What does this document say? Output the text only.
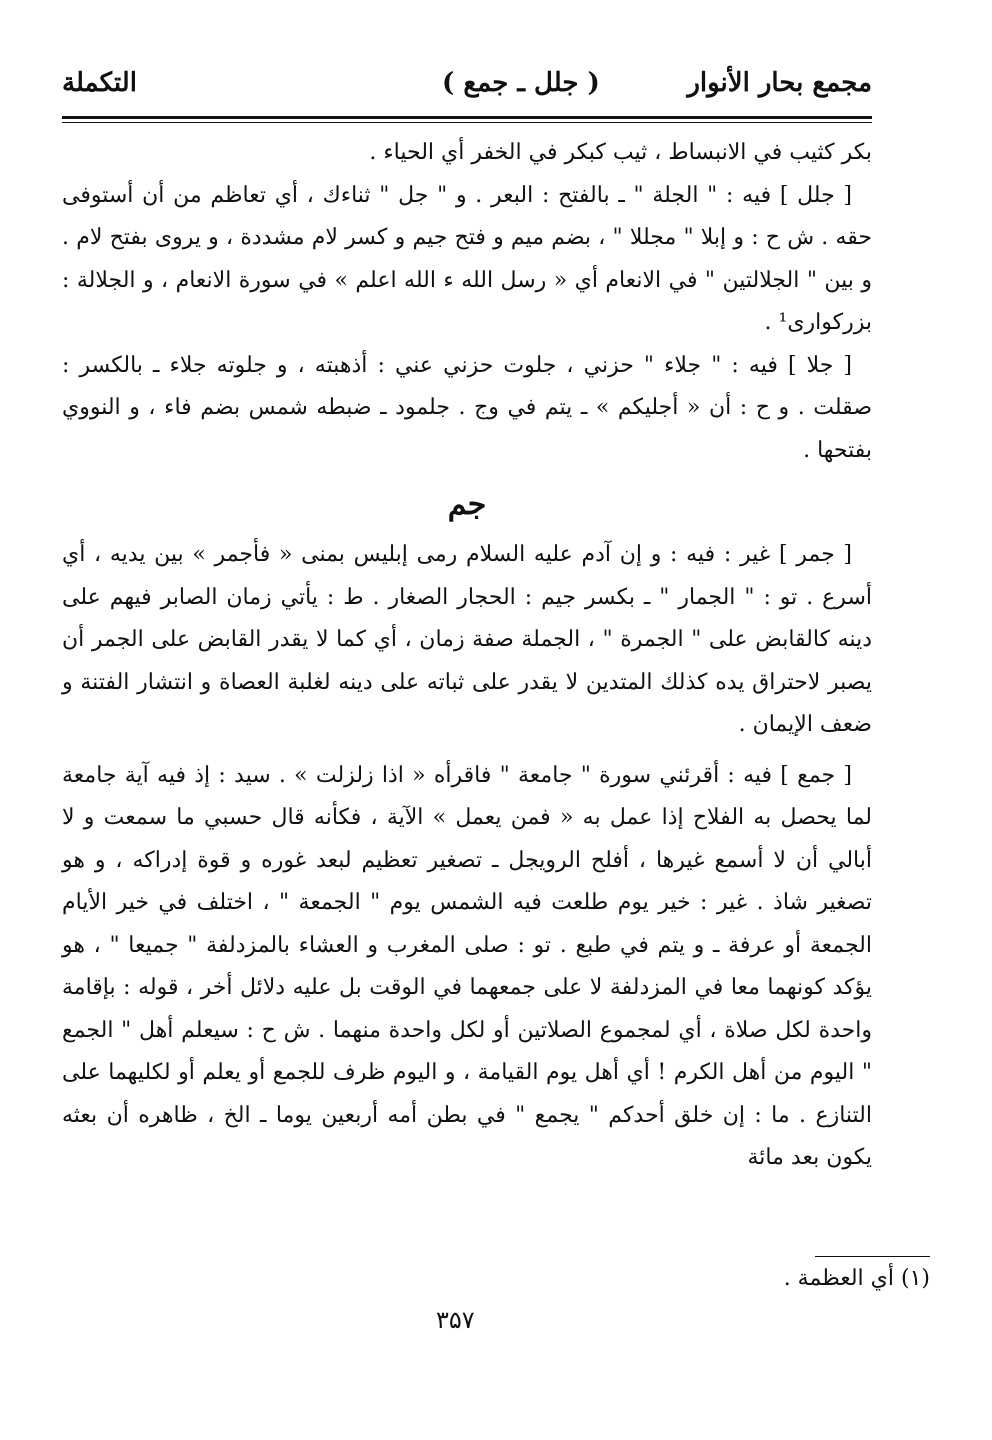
مجمع بحار الأنوار
( جلل ـ جمع )
التكملة

بكر كثيب في الانبساط ، ثيب كبكر في الخفر أي الحياء .

[ جلل ] فيه : " الجلة " ـ بالفتح : البعر . و " جل " ثناءك ، أي تعاظم من أن أستوفى حقه . ش ح : و إبلا " مجللا " ، بضم ميم و فتح جيم و كسر لام مشددة ، و يروى بفتح لام . و بين " الجلالتين " في الانعام أي « رسل الله ء الله اعلم » في سورة الانعام ، و الجلالة : بزركوارى¹ .

[ جلا ] فيه : " جلاء " حزني ، جلوت حزني عني : أذهبته ، و جلوته جلاء ـ بالكسر : صقلت . و ح : أن « أجليكم » ـ يتم في وج . جلمود ـ ضبطه شمس بضم فاء ، و النووي بفتحها .

جم

[ جمر ] غير : فيه : و إن آدم عليه السلام رمى إبليس بمنى « فأجمر » بين يديه ، أي أسرع . تو : " الجمار " ـ بكسر جيم : الحجار الصغار . ط : يأتي زمان الصابر فيهم على دينه كالقابض على " الجمرة " ، الجملة صفة زمان ، أي كما لا يقدر القابض على الجمر أن يصبر لاحتراق يده كذلك المتدين لا يقدر على ثباته على دينه لغلبة العصاة و انتشار الفتنة و ضعف الإيمان .

[ جمع ] فيه : أقرئني سورة " جامعة " فاقرأه « اذا زلزلت » . سيد : إذ فيه آية جامعة لما يحصل به الفلاح إذا عمل به « فمن يعمل » الآية ، فكأنه قال حسبي ما سمعت و لا أبالي أن لا أسمع غيرها ، أفلح الرويجل ـ تصغير تعظيم لبعد غوره و قوة إدراكه ، و هو تصغير شاذ . غير : خير يوم طلعت فيه الشمس يوم " الجمعة " ، اختلف في خير الأيام الجمعة أو عرفة ـ و يتم في طبع . تو : صلى المغرب و العشاء بالمزدلفة " جميعا " ، هو يؤكد كونهما معا في المزدلفة لا على جمعهما في الوقت بل عليه دلائل أخر ، قوله : بإقامة واحدة لكل صلاة ، أي لمجموع الصلاتين أو لكل واحدة منهما . ش ح : سيعلم أهل " الجمع " اليوم من أهل الكرم ! أي أهل يوم القيامة ، و اليوم ظرف للجمع أو يعلم أو لكليهما على التنازع . ما : إن خلق أحدكم " يجمع " في بطن أمه أربعين يوما ـ الخ ، ظاهره أن بعثه يكون بعد مائة

(۱) أي العظمة .
۳۵۷
